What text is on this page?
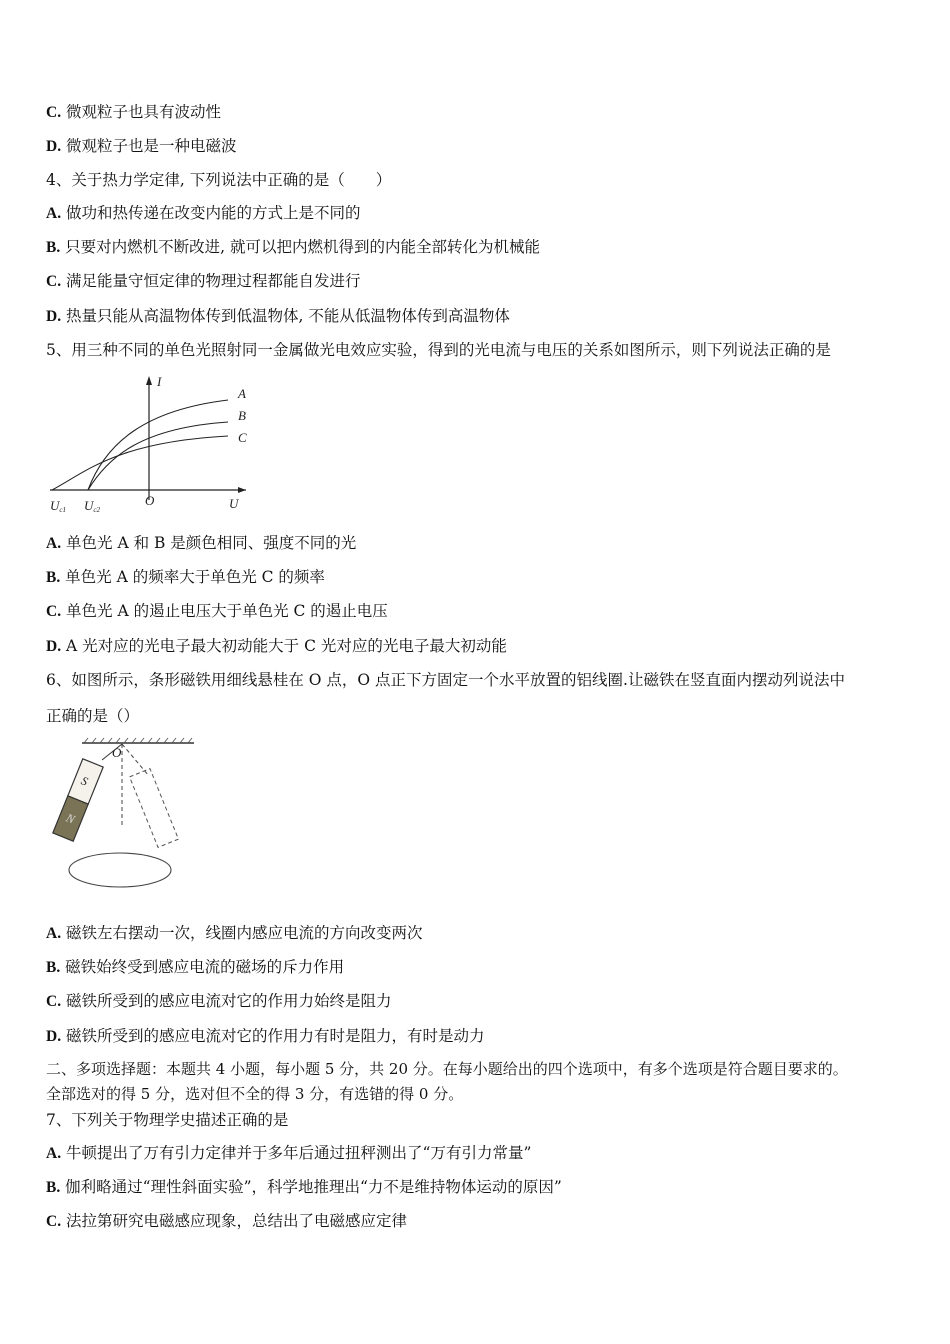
C. 微观粒子也具有波动性
D. 微观粒子也是一种电磁波
4、关于热力学定律, 下列说法中正确的是（　　）
A. 做功和热传递在改变内能的方式上是不同的
B. 只要对内燃机不断改进, 就可以把内燃机得到的内能全部转化为机械能
C. 满足能量守恒定律的物理过程都能自发进行
D. 热量只能从高温物体传到低温物体, 不能从低温物体传到高温物体
5、用三种不同的单色光照射同一金属做光电效应实验，得到的光电流与电压的关系如图所示，则下列说法正确的是
I
U
O
A
B
C
Uc1 Uc2
A. 单色光 A 和 B 是颜色相同、强度不同的光
B. 单色光 A 的频率大于单色光 C 的频率
C. 单色光 A 的遏止电压大于单色光 C 的遏止电压
D. A 光对应的光电子最大初动能大于 C 光对应的光电子最大初动能
6、如图所示，条形磁铁用细线悬桂在 O 点，O 点正下方固定一个水平放置的铝线圈.让磁铁在竖直面内摆动列说法中
正确的是（）
O
S
N
A. 磁铁左右摆动一次，线圈内感应电流的方向改变两次
B. 磁铁始终受到感应电流的磁场的斥力作用
C. 磁铁所受到的感应电流对它的作用力始终是阻力
D. 磁铁所受到的感应电流对它的作用力有时是阻力，有时是动力
二、多项选择题：本题共 4 小题，每小题 5 分，共 20 分。在每小题给出的四个选项中，有多个选项是符合题目要求的。
全部选对的得 5 分，选对但不全的得 3 分，有选错的得 0 分。
7、下列关于物理学史描述正确的是
A. 牛顿提出了万有引力定律并于多年后通过扭秤测出了“万有引力常量”
B. 伽利略通过“理性斜面实验”，科学地推理出“力不是维持物体运动的原因”
C. 法拉第研究电磁感应现象，总结出了电磁感应定律
